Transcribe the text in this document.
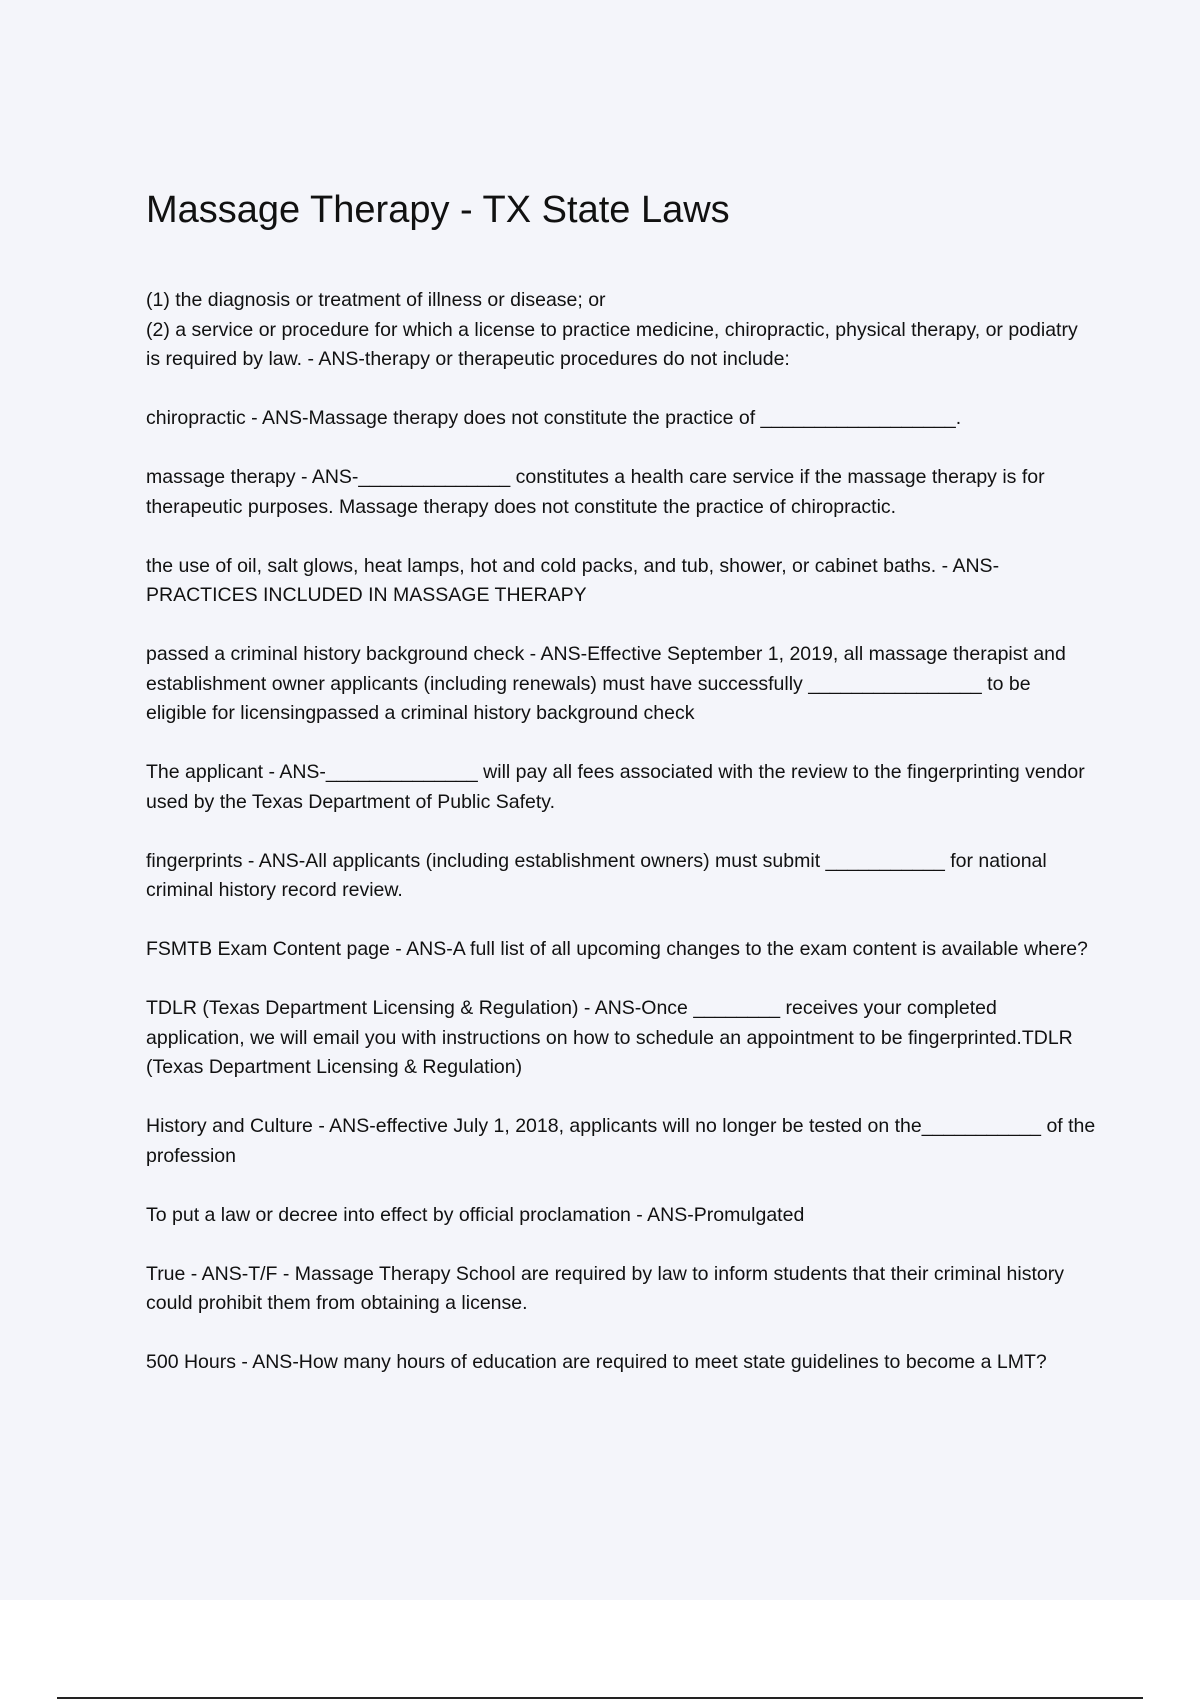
Massage Therapy - TX State Laws

(1) the diagnosis or treatment of illness or disease; or

(2) a service or procedure for which a license to practice medicine, chiropractic, physical therapy, or podiatry is required by law. - ANS-therapy or therapeutic procedures do not include:

chiropractic - ANS-Massage therapy does not constitute the practice of __________________.

massage therapy - ANS-______________ constitutes a health care service if the massage therapy is for therapeutic purposes. Massage therapy does not constitute the practice of chiropractic.

the use of oil, salt glows, heat lamps, hot and cold packs, and tub, shower, or cabinet baths. - ANS-PRACTICES INCLUDED IN MASSAGE THERAPY

passed a criminal history background check - ANS-Effective September 1, 2019, all massage therapist and establishment owner applicants (including renewals) must have successfully ________________ to be eligible for licensingpassed a criminal history background check

The applicant - ANS-______________ will pay all fees associated with the review to the fingerprinting vendor used by the Texas Department of Public Safety.

fingerprints - ANS-All applicants (including establishment owners) must submit ___________ for national criminal history record review.

FSMTB Exam Content page - ANS-A full list of all upcoming changes to the exam content is available where?

TDLR (Texas Department Licensing & Regulation) - ANS-Once ________ receives your completed application, we will email you with instructions on how to schedule an appointment to be fingerprinted.TDLR (Texas Department Licensing & Regulation)

History and Culture - ANS-effective July 1, 2018, applicants will no longer be tested on the___________ of the profession

To put a law or decree into effect by official proclamation - ANS-Promulgated

True - ANS-T/F - Massage Therapy School are required by law to inform students that their criminal history could prohibit them from obtaining a license.

500 Hours - ANS-How many hours of education are required to meet state guidelines to become a LMT?
